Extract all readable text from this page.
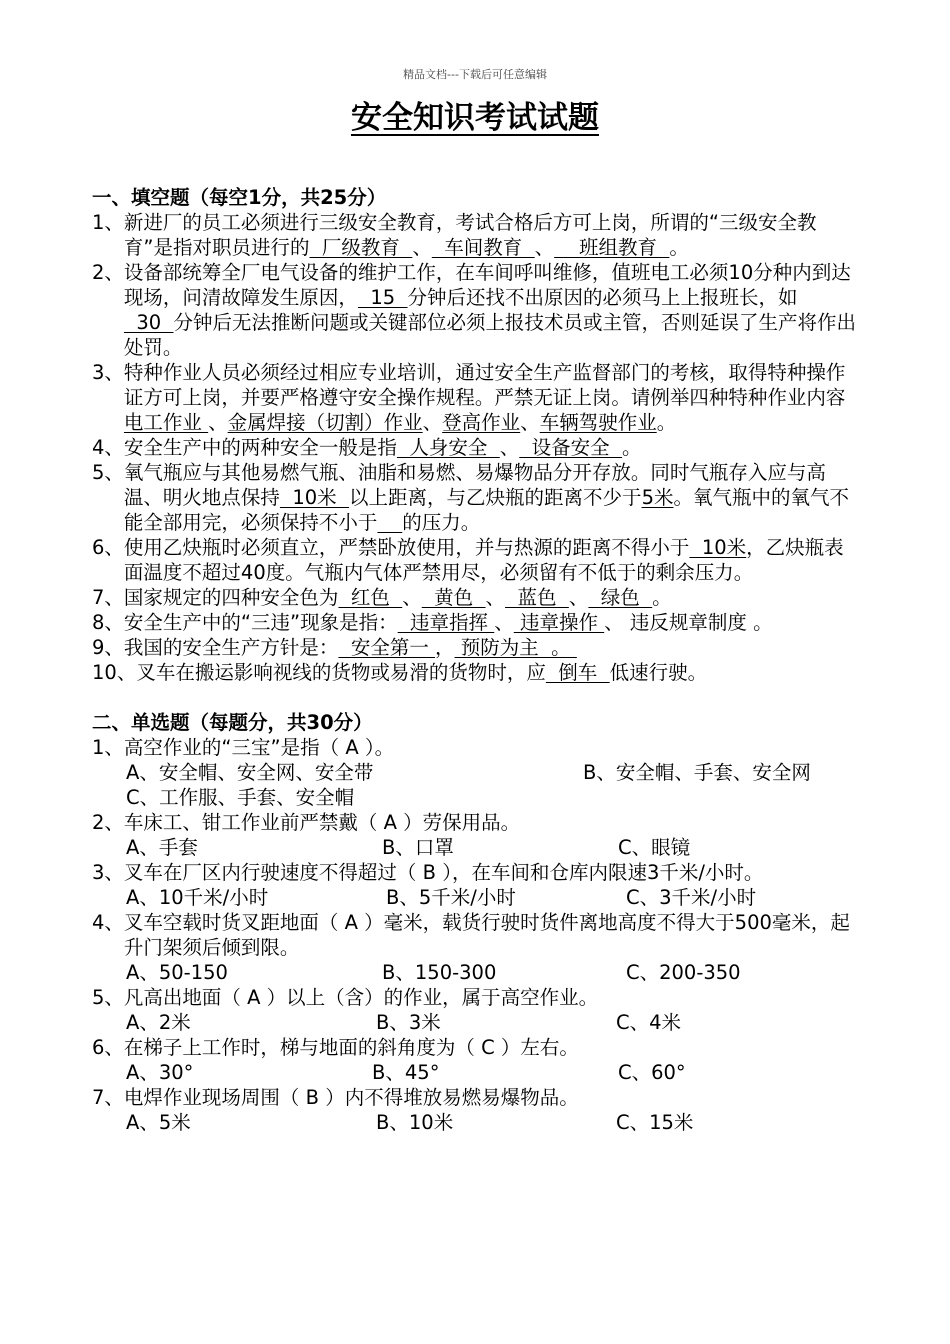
精品文档---下载后可任意编辑
安全知识考试试题
一、填空题（每空1分，共25分）
1、 新进厂的员工必须进行三级安全教育，考试合格后方可上岗，所谓的“三级安全教育”是指对职员进行的  厂级教育  、  车间教育  、    班组教育  。
2、 设备部统筹全厂电气设备的维护工作，在车间呼叫维修，值班电工必须10分种内到达现场，问清故障发生原因，  15  分钟后还找不出原因的必须马上上报班长，如  30  分钟后无法推断问题或关键部位必须上报技术员或主管，否则延误了生产将作出处罚。
3、 特种作业人员必须经过相应专业培训，通过安全生产监督部门的考核，取得特种操作证方可上岗，并要严格遵守安全操作规程。严禁无证上岗。请例举四种特种作业内容电工作业 、金属焊接（切割）作业、登高作业、车辆驾驶作业。
4、 安全生产中的两种安全一般是指  人身安全  、  设备安全  。
5、 氧气瓶应与其他易燃气瓶、油脂和易燃、易爆物品分开存放。同时气瓶存入应与高温、明火地点保持  10米  以上距离，与乙炔瓶的距离不少于5米。氧气瓶中的氧气不能全部用完，必须保持不小于 的压力。
6、 使用乙炔瓶时必须直立，严禁卧放使用，并与热源的距离不得小于  10米，乙炔瓶表面温度不超过40度。气瓶内气体严禁用尽，必须留有不低于的剩余压力。
7、 国家规定的四种安全色为  红色  、  黄色  、  蓝色  、  绿色  。
8、 安全生产中的“三违”现象是指：  违章指挥 、 违章操作 、 违反规章制度 。
9、 我国的安全生产方针是：  安全第一 ， 预防为主  。
10、 叉车在搬运影响视线的货物或易滑的货物时，应  倒车  低速行驶。
二、单选题（每题分，共30分）
1、 高空作业的“三宝”是指（ A ）。
A、安全帽、安全网、安全带	B、安全帽、手套、安全网
C、工作服、手套、安全帽
2、 车床工、钳工作业前严禁戴（ A ）劳保用品。
A、手套	B、口罩	C、眼镜
3、 叉车在厂区内行驶速度不得超过（ B ），在车间和仓库内限速3千米/小时。
A、10千米/小时	B、5千米/小时	C、3千米/小时
4、 叉车空载时货叉距地面（ A ）毫米，载货行驶时货件离地高度不得大于500毫米，起升门架须后倾到限。
A、50-150	B、150-300	C、200-350
5、 凡高出地面（ A ）以上（含）的作业，属于高空作业。
A、2米	B、3米	C、4米
6、 在梯子上工作时，梯与地面的斜角度为（ C ）左右。
A、30°	B、45°	C、60°
7、 电焊作业现场周围（ B ）内不得堆放易燃易爆物品。
A、5米	B、10米	C、15米
